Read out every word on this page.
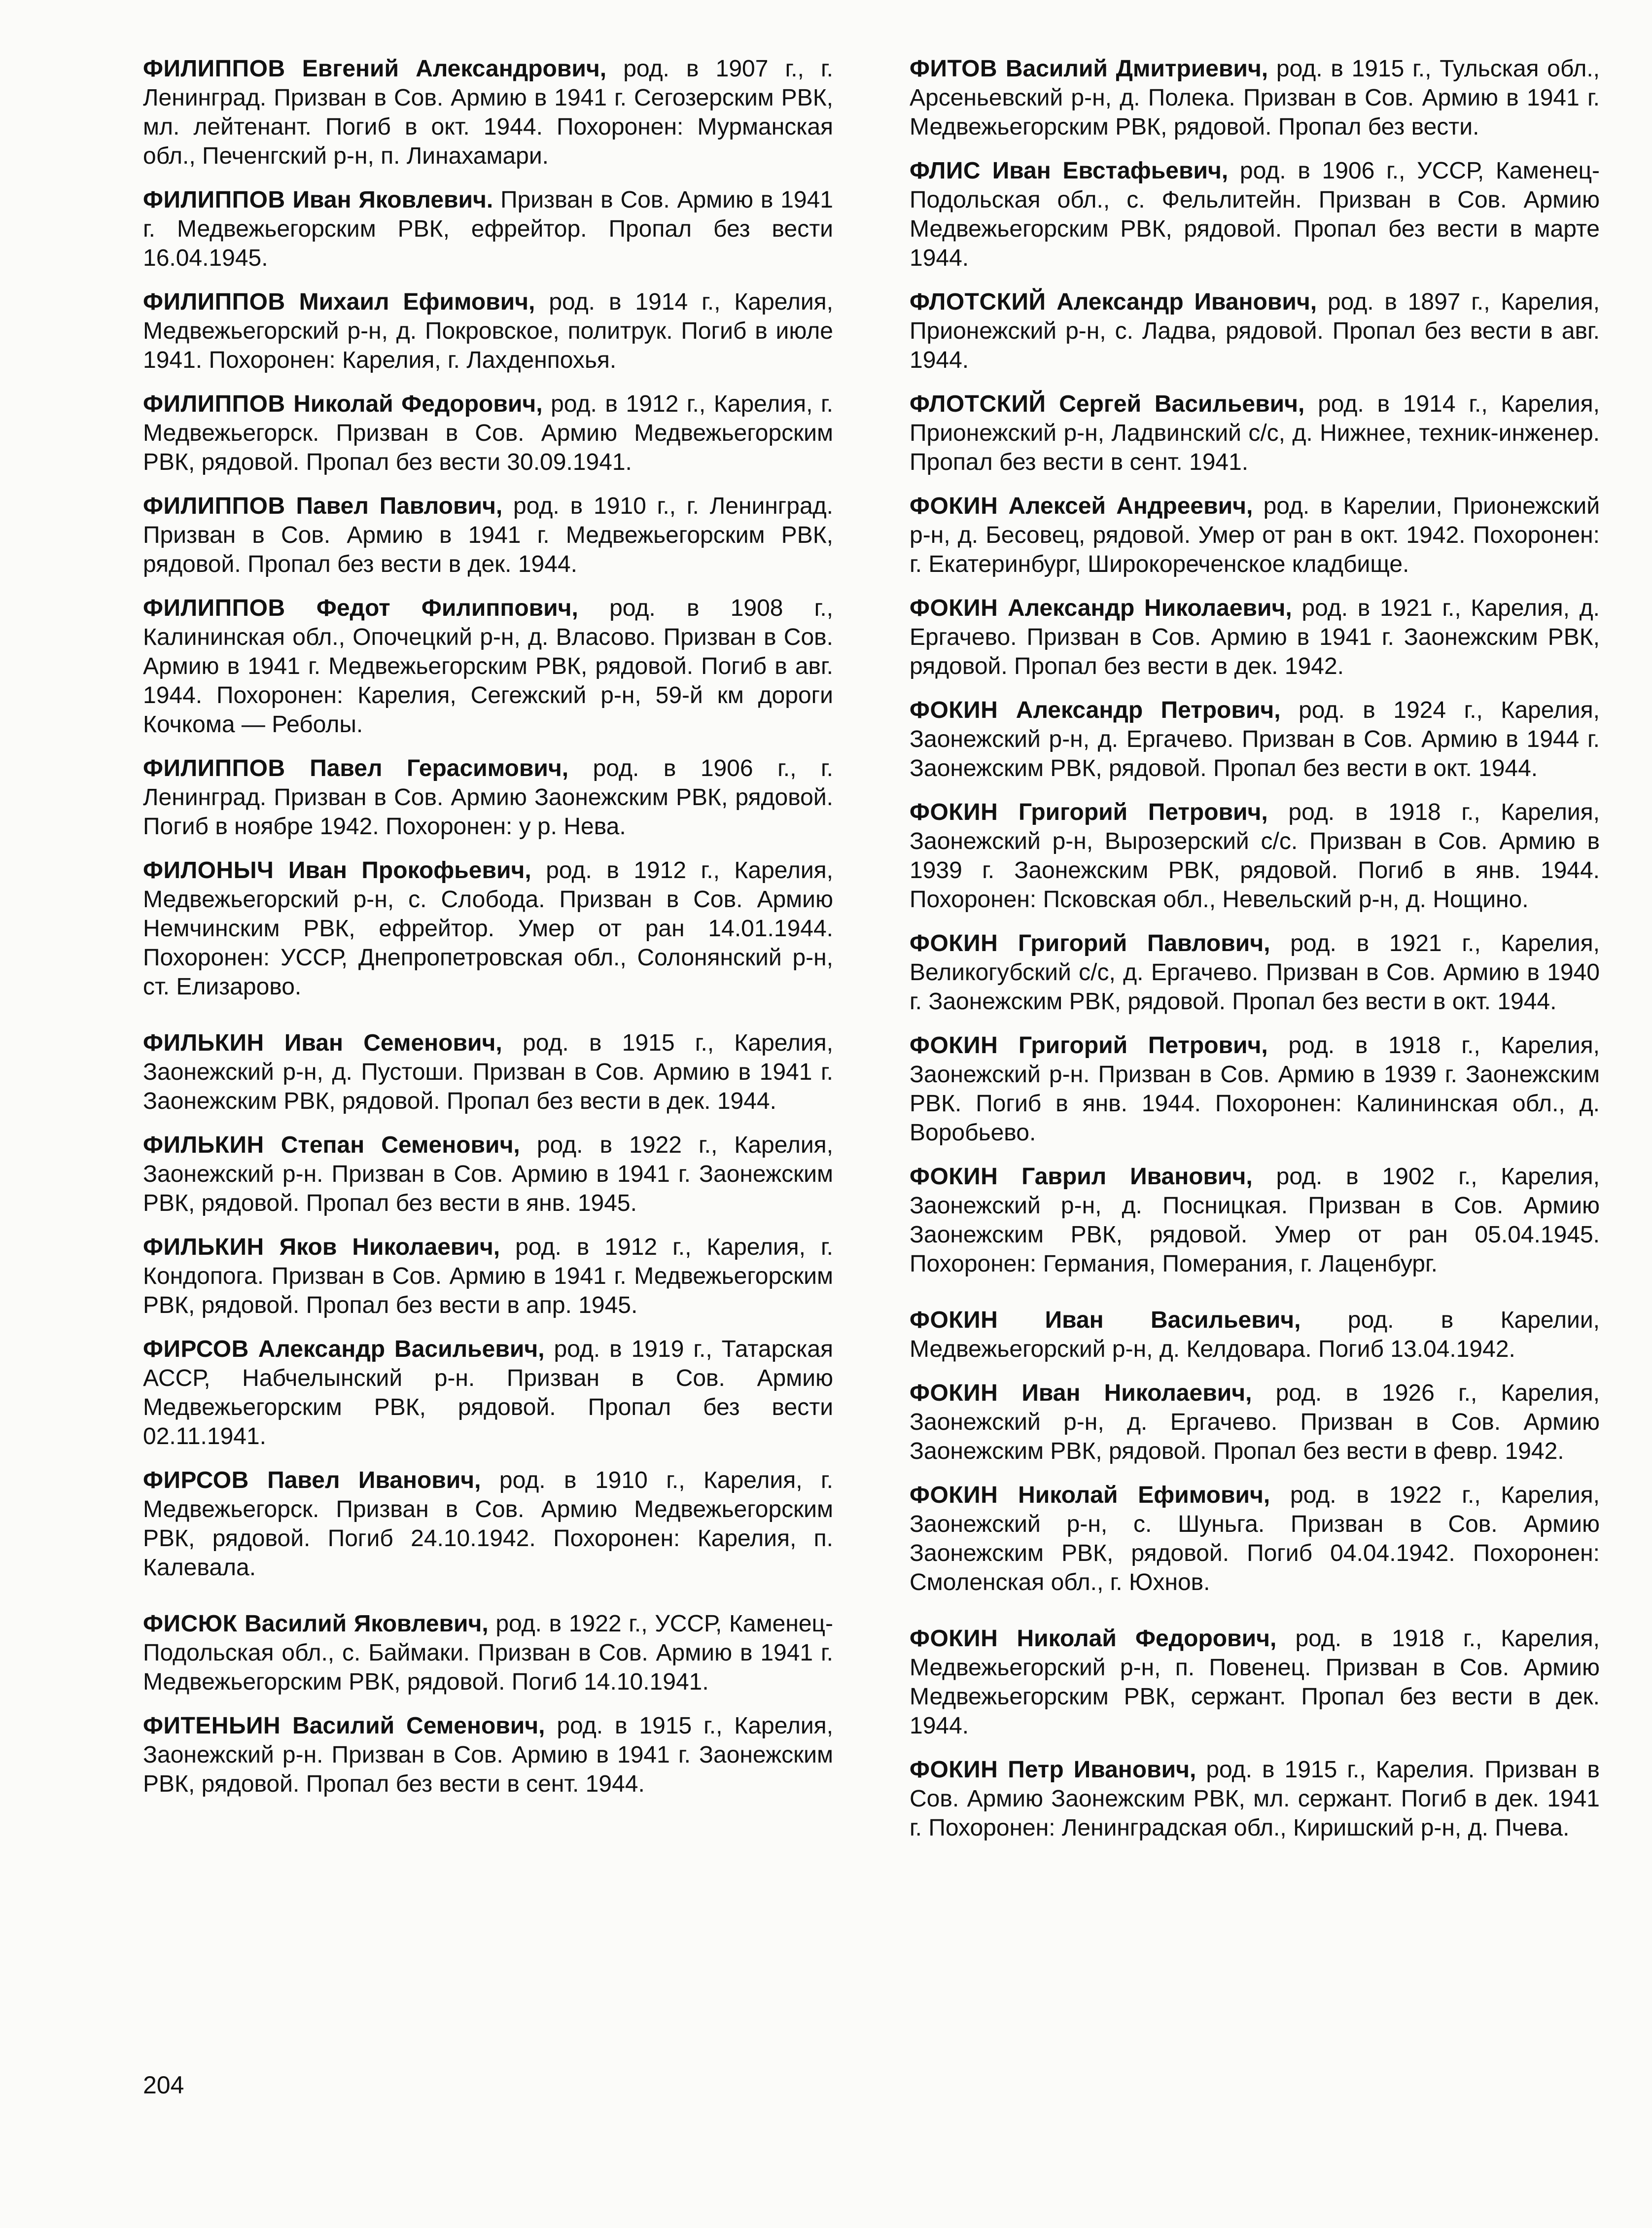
ФИЛИППОВ Евгений Александрович, род. в 1907 г., г. Ленинград. Призван в Сов. Армию в 1941 г. Сегозерским РВК, мл. лейтенант. Погиб в окт. 1944. Похоронен: Мурманская обл., Печенгский р-н, п. Линахамари.

ФИЛИППОВ Иван Яковлевич. Призван в Сов. Армию в 1941 г. Медвежьегорским РВК, ефрейтор. Пропал без вести 16.04.1945.

ФИЛИППОВ Михаил Ефимович, род. в 1914 г., Карелия, Медвежьегорский р-н, д. Покровское, политрук. Погиб в июле 1941. Похоронен: Карелия, г. Лахденпохья.

ФИЛИППОВ Николай Федорович, род. в 1912 г., Карелия, г. Медвежьегорск. Призван в Сов. Армию Медвежьегорским РВК, рядовой. Пропал без вести 30.09.1941.

ФИЛИППОВ Павел Павлович, род. в 1910 г., г. Ленинград. Призван в Сов. Армию в 1941 г. Медвежьегорским РВК, рядовой. Пропал без вести в дек. 1944.

ФИЛИППОВ Федот Филиппович, род. в 1908 г., Калининская обл., Опочецкий р-н, д. Власово. Призван в Сов. Армию в 1941 г. Медвежьегорским РВК, рядовой. Погиб в авг. 1944. Похоронен: Карелия, Сегежский р-н, 59-й км дороги Кочкома — Реболы.

ФИЛИППОВ Павел Герасимович, род. в 1906 г., г. Ленинград. Призван в Сов. Армию Заонежским РВК, рядовой. Погиб в ноябре 1942. Похоронен: у р. Нева.

ФИЛОНЫЧ Иван Прокофьевич, род. в 1912 г., Карелия, Медвежьегорский р-н, с. Слобода. Призван в Сов. Армию Немчинским РВК, ефрейтор. Умер от ран 14.01.1944. Похоронен: УССР, Днепропетровская обл., Солонянский р-н, ст. Елизарово.

ФИЛЬКИН Иван Семенович, род. в 1915 г., Карелия, Заонежский р-н, д. Пустоши. Призван в Сов. Армию в 1941 г. Заонежским РВК, рядовой. Пропал без вести в дек. 1944.

ФИЛЬКИН Степан Семенович, род. в 1922 г., Карелия, Заонежский р-н. Призван в Сов. Армию в 1941 г. Заонежским РВК, рядовой. Пропал без вести в янв. 1945.

ФИЛЬКИН Яков Николаевич, род. в 1912 г., Карелия, г. Кондопога. Призван в Сов. Армию в 1941 г. Медвежьегорским РВК, рядовой. Пропал без вести в апр. 1945.

ФИРСОВ Александр Васильевич, род. в 1919 г., Татарская АССР, Набчелынский р-н. Призван в Сов. Армию Медвежьегорским РВК, рядовой. Пропал без вести 02.11.1941.

ФИРСОВ Павел Иванович, род. в 1910 г., Карелия, г. Медвежьегорск. Призван в Сов. Армию Медвежьегорским РВК, рядовой. Погиб 24.10.1942. Похоронен: Карелия, п. Калевала.

ФИСЮК Василий Яковлевич, род. в 1922 г., УССР, Каменец-Подольская обл., с. Баймаки. Призван в Сов. Армию в 1941 г. Медвежьегорским РВК, рядовой. Погиб 14.10.1941.

ФИТЕНЬИН Василий Семенович, род. в 1915 г., Карелия, Заонежский р-н. Призван в Сов. Армию в 1941 г. Заонежским РВК, рядовой. Пропал без вести в сент. 1944.

ФИТОВ Василий Дмитриевич, род. в 1915 г., Тульская обл., Арсеньевский р-н, д. Полека. Призван в Сов. Армию в 1941 г. Медвежьегорским РВК, рядовой. Пропал без вести.

ФЛИС Иван Евстафьевич, род. в 1906 г., УССР, Каменец-Подольская обл., с. Фельлитейн. Призван в Сов. Армию Медвежьегорским РВК, рядовой. Пропал без вести в марте 1944.

ФЛОТСКИЙ Александр Иванович, род. в 1897 г., Карелия, Прионежский р-н, с. Ладва, рядовой. Пропал без вести в авг. 1944.

ФЛОТСКИЙ Сергей Васильевич, род. в 1914 г., Карелия, Прионежский р-н, Ладвинский с/с, д. Нижнее, техник-инженер. Пропал без вести в сент. 1941.

ФОКИН Алексей Андреевич, род. в Карелии, Прионежский р-н, д. Бесовец, рядовой. Умер от ран в окт. 1942. Похоронен: г. Екатеринбург, Широкореченское кладбище.

ФОКИН Александр Николаевич, род. в 1921 г., Карелия, д. Ергачево. Призван в Сов. Армию в 1941 г. Заонежским РВК, рядовой. Пропал без вести в дек. 1942.

ФОКИН Александр Петрович, род. в 1924 г., Карелия, Заонежский р-н, д. Ергачево. Призван в Сов. Армию в 1944 г. Заонежским РВК, рядовой. Пропал без вести в окт. 1944.

ФОКИН Григорий Петрович, род. в 1918 г., Карелия, Заонежский р-н, Вырозерский с/с. Призван в Сов. Армию в 1939 г. Заонежским РВК, рядовой. Погиб в янв. 1944. Похоронен: Псковская обл., Невельский р-н, д. Нощино.

ФОКИН Григорий Павлович, род. в 1921 г., Карелия, Великогубский с/с, д. Ергачево. Призван в Сов. Армию в 1940 г. Заонежским РВК, рядовой. Пропал без вести в окт. 1944.

ФОКИН Григорий Петрович, род. в 1918 г., Карелия, Заонежский р-н. Призван в Сов. Армию в 1939 г. Заонежским РВК. Погиб в янв. 1944. Похоронен: Калининская обл., д. Воробьево.

ФОКИН Гаврил Иванович, род. в 1902 г., Карелия, Заонежский р-н, д. Посницкая. Призван в Сов. Армию Заонежским РВК, рядовой. Умер от ран 05.04.1945. Похоронен: Германия, Померания, г. Лаценбург.

ФОКИН Иван Васильевич, род. в Карелии, Медвежьегорский р-н, д. Келдовара. Погиб 13.04.1942.

ФОКИН Иван Николаевич, род. в 1926 г., Карелия, Заонежский р-н, д. Ергачево. Призван в Сов. Армию Заонежским РВК, рядовой. Пропал без вести в февр. 1942.

ФОКИН Николай Ефимович, род. в 1922 г., Карелия, Заонежский р-н, с. Шуньга. Призван в Сов. Армию Заонежским РВК, рядовой. Погиб 04.04.1942. Похоронен: Смоленская обл., г. Юхнов.

ФОКИН Николай Федорович, род. в 1918 г., Карелия, Медвежьегорский р-н, п. Повенец. Призван в Сов. Армию Медвежьегорским РВК, сержант. Пропал без вести в дек. 1944.

ФОКИН Петр Иванович, род. в 1915 г., Карелия. Призван в Сов. Армию Заонежским РВК, мл. сержант. Погиб в дек. 1941 г. Похоронен: Ленинградская обл., Киришский р-н, д. Пчева.

204
